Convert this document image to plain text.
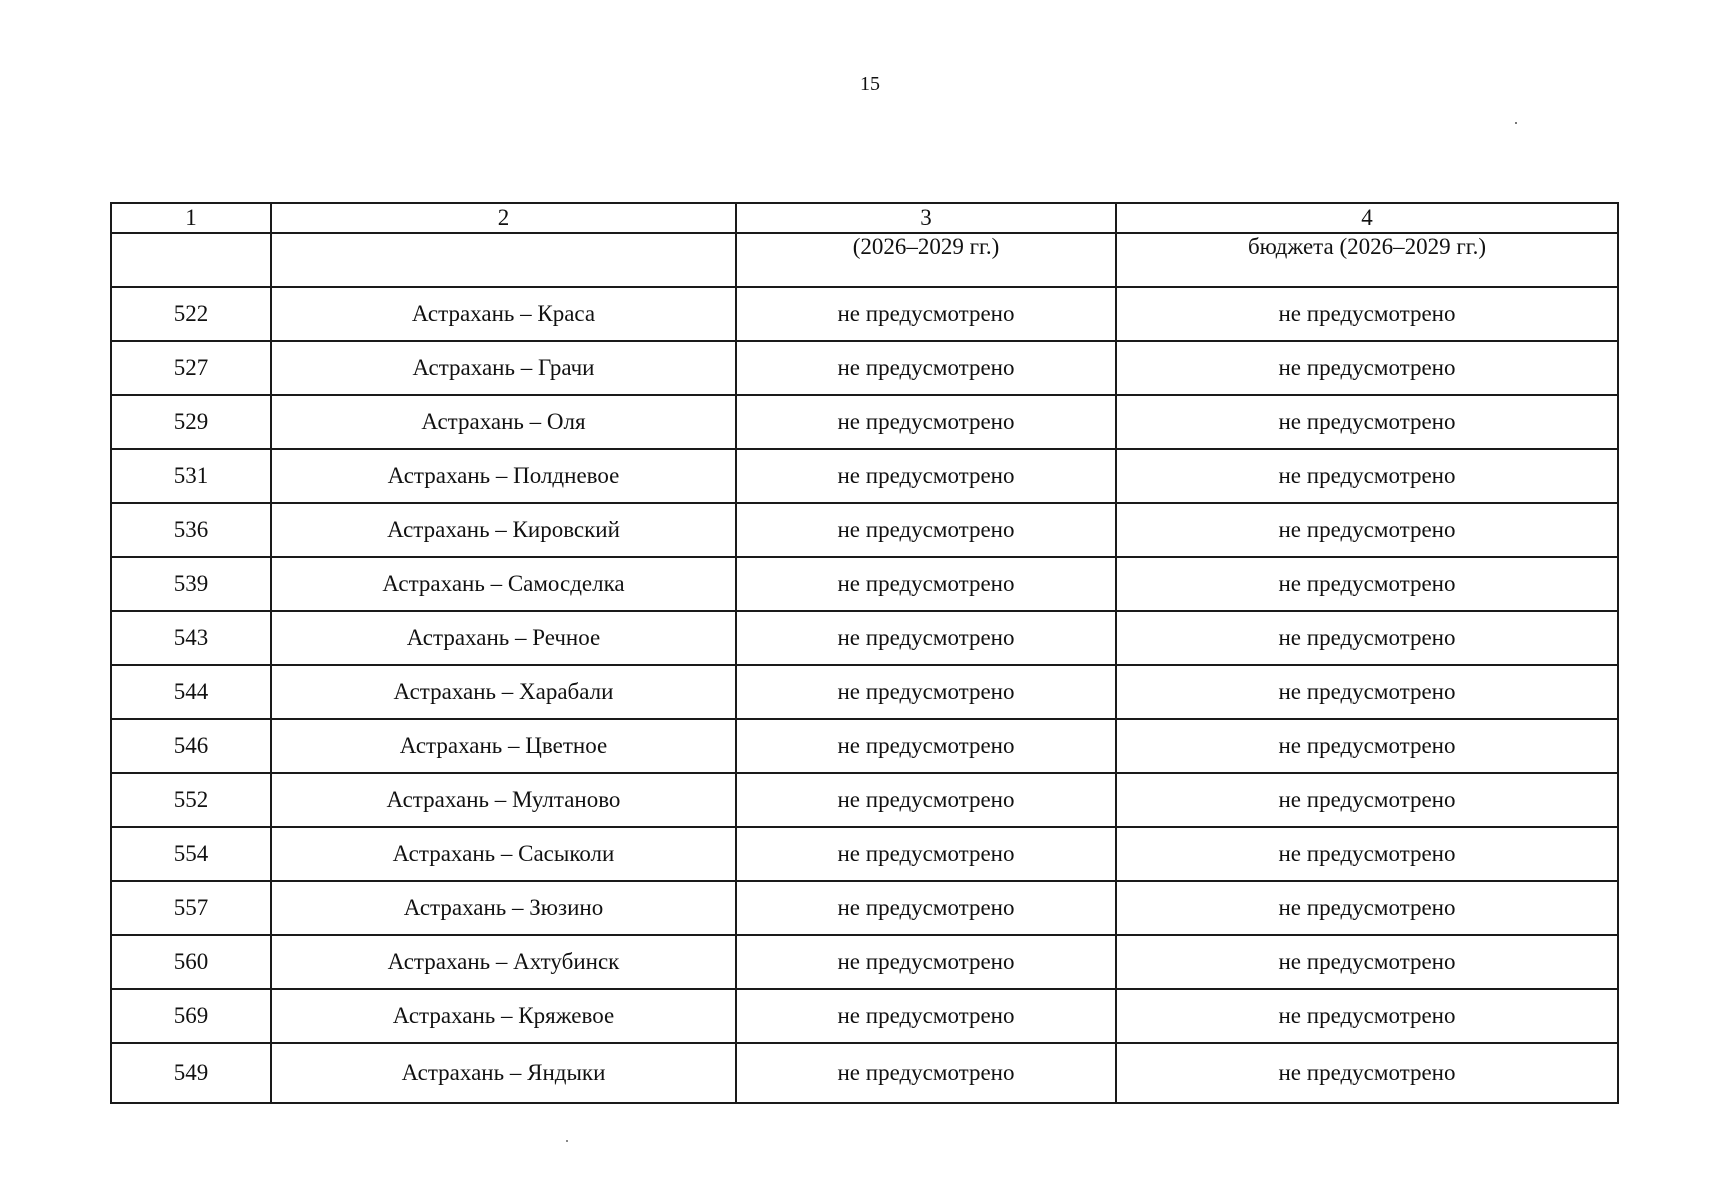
15
1	2	3	4
		(2026–2029 гг.)	бюджета (2026–2029 гг.)
522	Астрахань – Краса	не предусмотрено	не предусмотрено
527	Астрахань – Грачи	не предусмотрено	не предусмотрено
529	Астрахань – Оля	не предусмотрено	не предусмотрено
531	Астрахань – Полдневое	не предусмотрено	не предусмотрено
536	Астрахань – Кировский	не предусмотрено	не предусмотрено
539	Астрахань – Самосделка	не предусмотрено	не предусмотрено
543	Астрахань – Речное	не предусмотрено	не предусмотрено
544	Астрахань – Харабали	не предусмотрено	не предусмотрено
546	Астрахань – Цветное	не предусмотрено	не предусмотрено
552	Астрахань – Мултаново	не предусмотрено	не предусмотрено
554	Астрахань – Сасыколи	не предусмотрено	не предусмотрено
557	Астрахань – Зюзино	не предусмотрено	не предусмотрено
560	Астрахань – Ахтубинск	не предусмотрено	не предусмотрено
569	Астрахань – Кряжевое	не предусмотрено	не предусмотрено
549	Астрахань – Яндыки	не предусмотрено	не предусмотрено
